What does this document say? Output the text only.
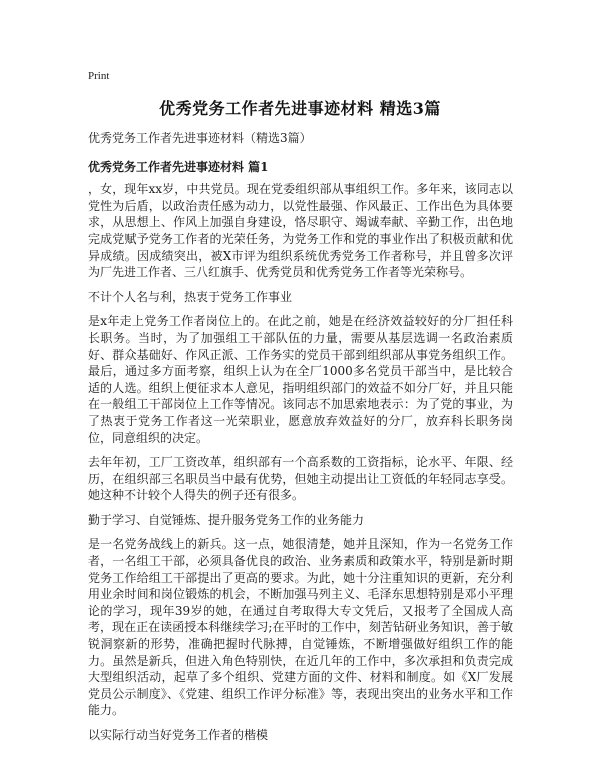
Print
优秀党务工作者先进事迹材料 精选3篇

优秀党务工作者先进事迹材料（精选3篇）

优秀党务工作者先进事迹材料 篇1

，女，现年xx岁，中共党员。现在党委组织部从事组织工作。多年来，该同志以党性为后盾，以政治责任感为动力，以党性最强、作风最正、工作出色为具体要求，从思想上、作风上加强自身建设，恪尽职守、竭诚奉献、辛勤工作，出色地完成党赋予党务工作者的光荣任务，为党务工作和党的事业作出了积极贡献和优异成绩。因成绩突出，被X市评为组织系统优秀党务工作者称号，并且曾多次评为厂先进工作者、三八红旗手、优秀党员和优秀党务工作者等光荣称号。

不计个人名与利，热衷于党务工作事业

是x年走上党务工作者岗位上的。在此之前，她是在经济效益较好的分厂担任科长职务。当时，为了加强组工干部队伍的力量，需要从基层选调一名政治素质好、群众基础好、作风正派、工作务实的党员干部到组织部从事党务组织工作。最后，通过多方面考察，组织上认为在全厂1000多名党员干部当中，是比较合适的人选。组织上便征求本人意见，指明组织部门的效益不如分厂好，并且只能在一般组工干部岗位上工作等情况。该同志不加思索地表示：为了党的事业，为了热衷于党务工作者这一光荣职业，愿意放弃效益好的分厂，放弃科长职务岗位，同意组织的决定。

去年年初，工厂工资改革，组织部有一个高系数的工资指标，论水平、年限、经历，在组织部三名职员当中最有优势，但她主动提出让工资低的年轻同志享受。她这种不计较个人得失的例子还有很多。

勤于学习、自觉锤炼、提升服务党务工作的业务能力

是一名党务战线上的新兵。这一点，她很清楚，她并且深知，作为一名党务工作者，一名组工干部，必须具备优良的政治、业务素质和政策水平，特别是新时期党务工作给组工干部提出了更高的要求。为此，她十分注重知识的更新，充分利用业余时间和岗位锻炼的机会，不断加强马列主义、毛泽东思想特别是邓小平理论的学习，现年39岁的她，在通过自考取得大专文凭后，又报考了全国成人高考，现在正在读函授本科继续学习;在平时的工作中，刻苦钻研业务知识，善于敏锐洞察新的形势，准确把握时代脉搏，自觉锤炼，不断增强做好组织工作的能力。虽然是新兵，但进入角色特别快，在近几年的工作中，多次承担和负责完成大型组织活动，起草了多个组织、党建方面的文件、材料和制度。如《X厂发展党员公示制度》、《党建、组织工作评分标准》等，表现出突出的业务水平和工作能力。

以实际行动当好党务工作者的楷模
